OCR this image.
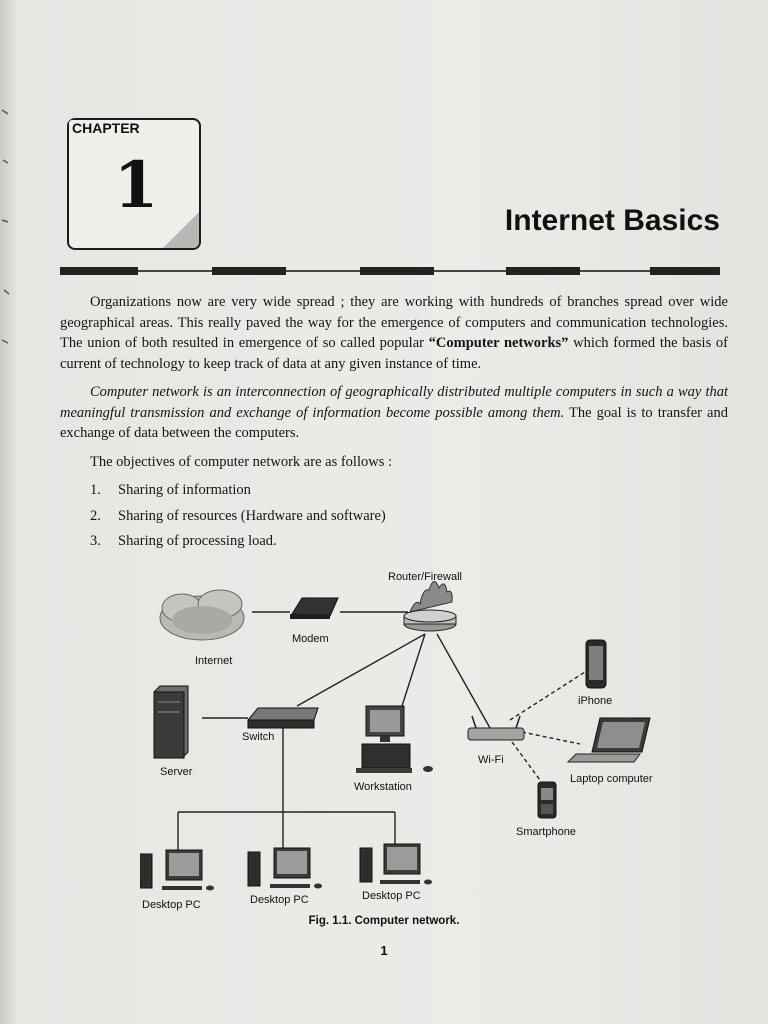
1
CHAPTER
Internet Basics

Organizations now are very wide spread ; they are working with hundreds of branches spread over wide geographical areas. This really paved the way for the emergence of computers and communication technologies. The union of both resulted in emergence of so called popular “Computer networks” which formed the basis of current of technology to keep track of data at any given instance of time.

Computer network is an interconnection of geographically distributed multiple computers in such a way that meaningful transmission and exchange of information become possible among them. The goal is to transfer and exchange of data between the computers.

The objectives of computer network are as follows :

1. Sharing of information
2. Sharing of resources (Hardware and software)
3. Sharing of processing load.
Internet
Modem
Router/Firewall
Server
Switch
Workstation
Wi-Fi
iPhone
Laptop computer
Smartphone
Desktop PC	Desktop PC	Desktop PC
Fig. 1.1. Computer network.
1
